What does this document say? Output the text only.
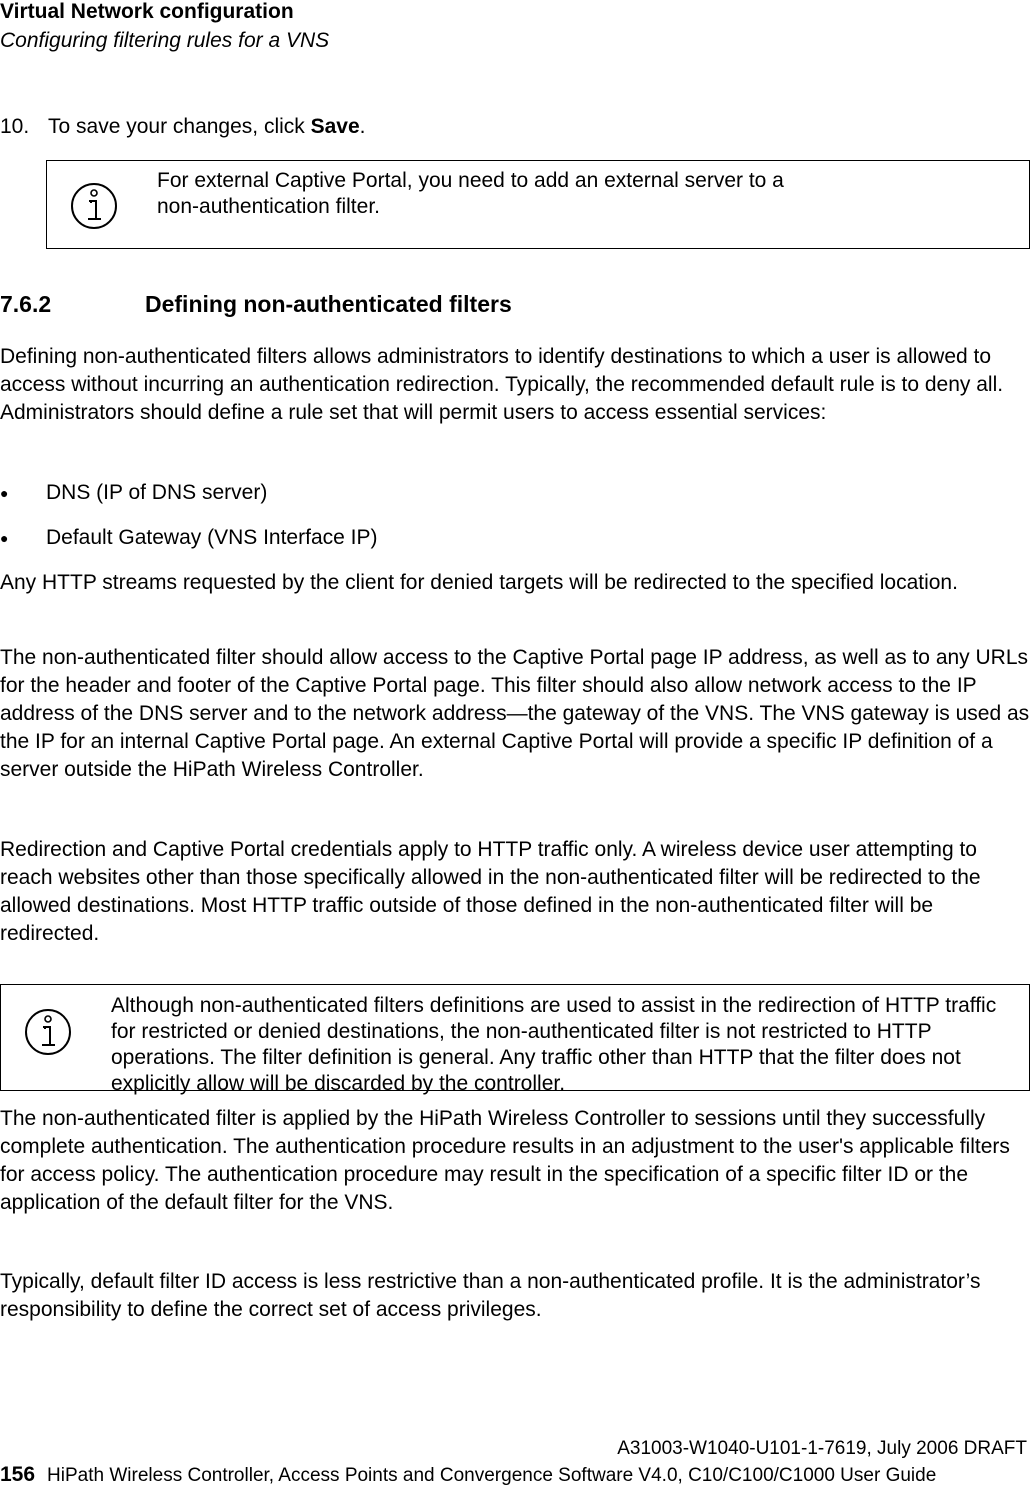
Virtual Network configuration
Configuring filtering rules for a VNS
10. To save your changes, click Save.
For external Captive Portal, you need to add an external server to a
non-authentication filter.
7.6.2	Defining non-authenticated filters
Defining non-authenticated filters allows administrators to identify destinations to which a user is allowed to access without incurring an authentication redirection. Typically, the recommended default rule is to deny all. Administrators should define a rule set that will permit users to access essential services:
● DNS (IP of DNS server)
● Default Gateway (VNS Interface IP)
Any HTTP streams requested by the client for denied targets will be redirected to the specified location.
The non-authenticated filter should allow access to the Captive Portal page IP address, as well as to any URLs for the header and footer of the Captive Portal page. This filter should also allow network access to the IP address of the DNS server and to the network address—the gateway of the VNS. The VNS gateway is used as the IP for an internal Captive Portal page. An external Captive Portal will provide a specific IP definition of a server outside the HiPath Wireless Controller.
Redirection and Captive Portal credentials apply to HTTP traffic only. A wireless device user attempting to reach websites other than those specifically allowed in the non-authenticated filter will be redirected to the allowed destinations. Most HTTP traffic outside of those defined in the non-authenticated filter will be redirected.
Although non-authenticated filters definitions are used to assist in the redirection of HTTP traffic for restricted or denied destinations, the non-authenticated filter is not restricted to HTTP operations. The filter definition is general. Any traffic other than HTTP that the filter does not explicitly allow will be discarded by the controller.
The non-authenticated filter is applied by the HiPath Wireless Controller to sessions until they successfully complete authentication. The authentication procedure results in an adjustment to the user's applicable filters for access policy. The authentication procedure may result in the specification of a specific filter ID or the application of the default filter for the VNS.
Typically, default filter ID access is less restrictive than a non-authenticated profile. It is the administrator’s responsibility to define the correct set of access privileges.
A31003-W1040-U101-1-7619, July 2006 DRAFT
156 HiPath Wireless Controller, Access Points and Convergence Software V4.0, C10/C100/C1000 User Guide
